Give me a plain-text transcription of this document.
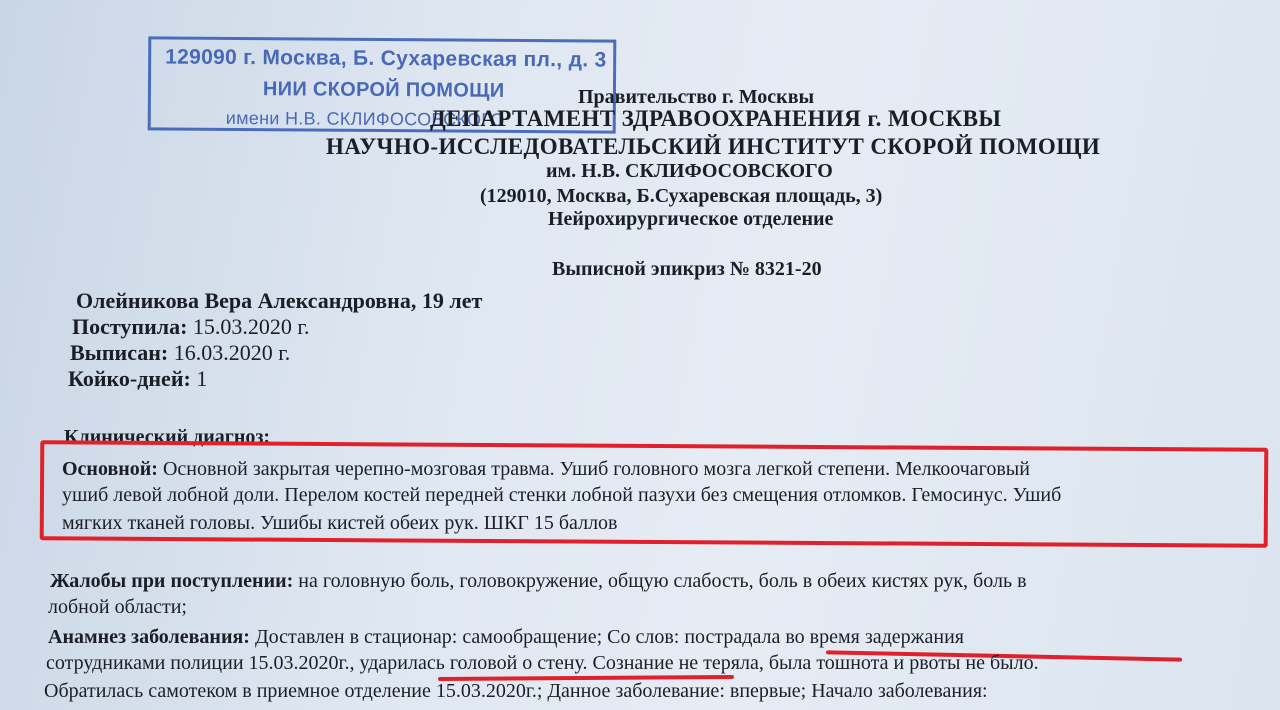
129090 г. Москва, Б. Сухаревская пл., д. 3
НИИ СКОРОЙ ПОМОЩИ
имени Н.В. СКЛИФОСОВСКОГО
Правительство г. Москвы
ДЕПАРТАМЕНТ ЗДРАВООХРАНЕНИЯ г. МОСКВЫ
НАУЧНО-ИССЛЕДОВАТЕЛЬСКИЙ ИНСТИТУТ СКОРОЙ ПОМОЩИ
им. Н.В. СКЛИФОСОВСКОГО
(129010, Москва, Б.Сухаревская площадь, 3)
Нейрохирургическое отделение
Выписной эпикриз № 8321-20
Олейникова Вера Александровна, 19 лет
Поступила: 15.03.2020 г.
Выписан: 16.03.2020 г.
Койко-дней: 1
Клинический диагноз:
Основной: Основной закрытая черепно-мозговая травма. Ушиб головного мозга легкой степени. Мелкоочаговый
ушиб левой лобной доли. Перелом костей передней стенки лобной пазухи без смещения отломков. Гемосинус. Ушиб
мягких тканей головы. Ушибы кистей обеих рук. ШКГ 15 баллов
Жалобы при поступлении: на головную боль, головокружение, общую слабость, боль в обеих кистях рук, боль в
лобной области;
Анамнез заболевания: Доставлен в стационар: самообращение; Со слов: пострадала во время задержания
сотрудниками полиции 15.03.2020г., ударилась головой о стену. Сознание не теряла, была тошнота и рвоты не было.
Обратилась самотеком в приемное отделение 15.03.2020г.; Данное заболевание: впервые; Начало заболевания:
